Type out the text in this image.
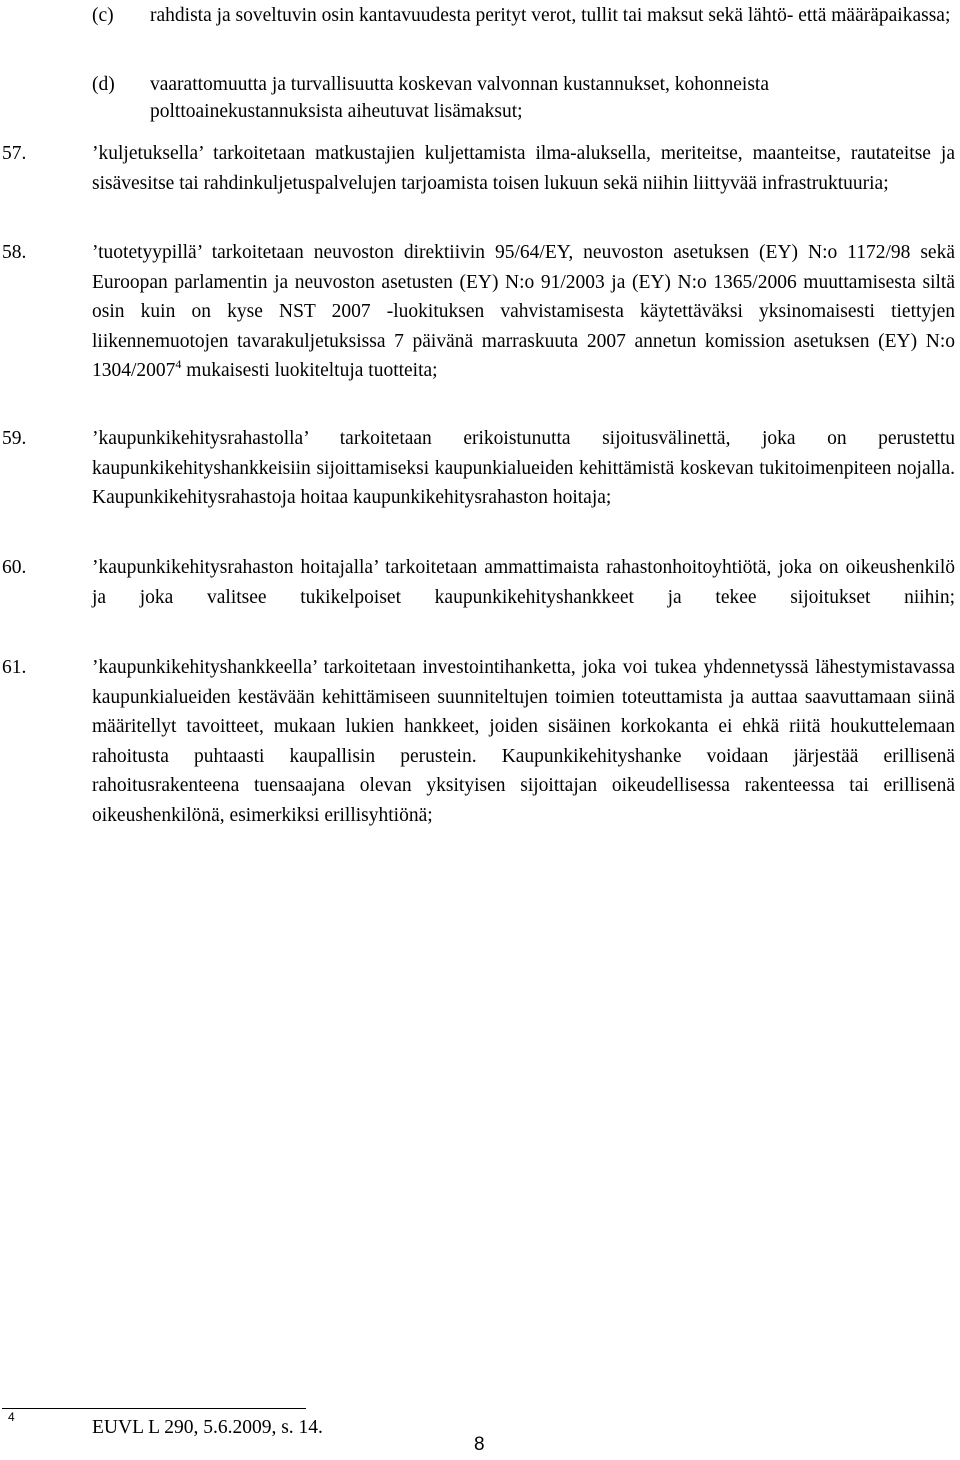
(c) rahdista ja soveltuvin osin kantavuudesta perityt verot, tullit tai maksut sekä lähtö- että määräpaikassa;
(d) vaarattomuutta ja turvallisuutta koskevan valvonnan kustannukset, kohonneista polttoainekustannuksista aiheutuvat lisämaksut;
57.	’kuljetuksella’ tarkoitetaan matkustajien kuljettamista ilma-aluksella, meriteitse, maanteitse, rautateitse ja sisävesitse tai rahdinkuljetuspalvelujen tarjoamista toisen lukuun sekä niihin liittyvää infrastruktuuria;
58.	’tuotetyypillä’ tarkoitetaan neuvoston direktiivin 95/64/EY, neuvoston asetuksen (EY) N:o 1172/98 sekä Euroopan parlamentin ja neuvoston asetusten (EY) N:o 91/2003 ja (EY) N:o 1365/2006 muuttamisesta siltä osin kuin on kyse NST 2007 -luokituksen vahvistamisesta käytettäväksi yksinomaisesti tiettyjen liikennemuotojen tavarakuljetuksissa 7 päivänä marraskuuta 2007 annetun komission asetuksen (EY) N:o 1304/2007$^4$ mukaisesti luokiteltuja tuotteita;
59.	’kaupunkikehitysrahastolla’ tarkoitetaan erikoistunutta sijoitusvälinettä, joka on perustettu kaupunkikehityshankkeisiin sijoittamiseksi kaupunkialueiden kehittämistä koskevan tukitoimenpiteen nojalla. Kaupunkikehitysrahastoja hoitaa kaupunkikehitysrahaston hoitaja;
60.	’kaupunkikehitysrahaston hoitajalla’ tarkoitetaan ammattimaista rahastonhoitoyhtiötä, joka on oikeushenkilö ja joka valitsee tukikelpoiset kaupunkikehityshankkeet ja tekee sijoitukset niihin;
61.	’kaupunkikehityshankkeella’ tarkoitetaan investointihanketta, joka voi tukea yhdennetyssä lähestymistavassa kaupunkialueiden kestävään kehittämiseen suunniteltujen toimien toteuttamista ja auttaa saavuttamaan siinä määritellyt tavoitteet, mukaan lukien hankkeet, joiden sisäinen korkokanta ei ehkä riitä houkuttelemaan rahoitusta puhtaasti kaupallisin perustein. Kaupunkikehityshanke voidaan järjestää erillisenä rahoitusrakenteena tuensaajana olevan yksityisen sijoittajan oikeudellisessa rakenteessa tai erillisenä oikeushenkilönä, esimerkiksi erillisyhtiönä;
4	EUVL L 290, 5.6.2009, s. 14.
8
